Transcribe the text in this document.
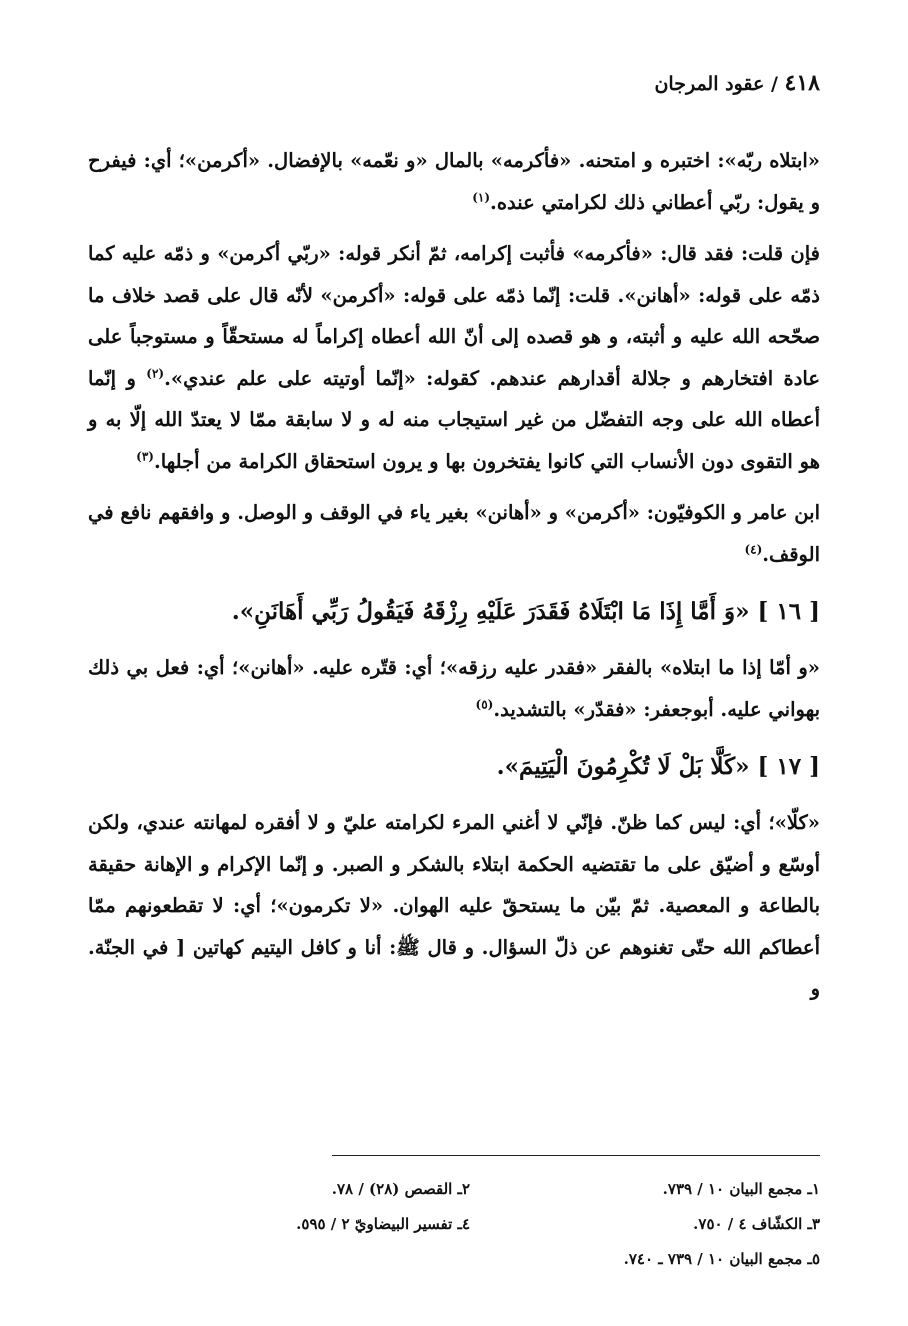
٤١٨ / عقود المرجان

«ابتلاه ربّه»: اختبره و امتحنه. «فأكرمه» بالمال «و نعّمه» بالإفضال. «أكرمن»؛ أي: فيفرح و يقول: ربّي أعطاني ذلك لكرامتي عنده.$^{(١)}$

فإن قلت: فقد قال: «فأكرمه» فأثبت إكرامه، ثمّ أنكر قوله: «ربّي أكرمن» و ذمّه عليه كما ذمّه على قوله: «أهانن». قلت: إنّما ذمّه على قوله: «أكرمن» لأنّه قال على قصد خلاف ما صحّحه الله عليه و أثبته، و هو قصده إلى أنّ الله أعطاه إكراماً له مستحقّاً و مستوجباً على عادة افتخارهم و جلالة أقدارهم عندهم. كقوله: «إنّما أوتيته على علم عندي».$^{(٢)}$ و إنّما أعطاه الله على وجه التفضّل من غير استيجاب منه له و لا سابقة ممّا لا يعتدّ الله إلّا به و هو التقوى دون الأنساب التي كانوا يفتخرون بها و يرون استحقاق الكرامة من أجلها.$^{(٣)}$

ابن عامر و الكوفيّون: «أكرمن» و «أهانن» بغير ياء في الوقف و الوصل. و وافقهم نافع في الوقف.$^{(٤)}$

[ ١٦ ] «وَ أَمَّا إِذَا مَا ابْتَلَاهُ فَقَدَرَ عَلَيْهِ رِزْقَهُ فَيَقُولُ رَبِّي أَهَانَنِ».

«و أمّا إذا ما ابتلاه» بالفقر «فقدر عليه رزقه»؛ أي: قتّره عليه. «أهانن»؛ أي: فعل بي ذلك بهواني عليه. أبوجعفر: «فقدّر» بالتشديد.$^{(٥)}$

[ ١٧ ] «كَلَّا بَلْ لَا تُكْرِمُونَ الْيَتِيمَ».

«كلّا»؛ أي: ليس كما ظنّ. فإنّي لا أغني المرء لكرامته عليّ و لا أفقره لمهانته عندي، ولكن أوسّع و أضيّق على ما تقتضيه الحكمة ابتلاء بالشكر و الصبر. و إنّما الإكرام و الإهانة حقيقة بالطاعة و المعصية. ثمّ بيّن ما يستحقّ عليه الهوان. «لا تكرمون»؛ أي: لا تقطعونهم ممّا أعطاكم الله حتّى تغنوهم عن ذلّ السؤال. و قال ﷺ: أنا و كافل اليتيم كهاتين [ في الجنّة. و

١ـ مجمع البيان ١٠ / ٧٣٩.
٢ـ القصص (٢٨) / ٧٨.
٣ـ الكشّاف ٤ / ٧٥٠.
٤ـ تفسير البيضاويّ ٢ / ٥٩٥.
٥ـ مجمع البيان ١٠ / ٧٣٩ ـ ٧٤٠.
